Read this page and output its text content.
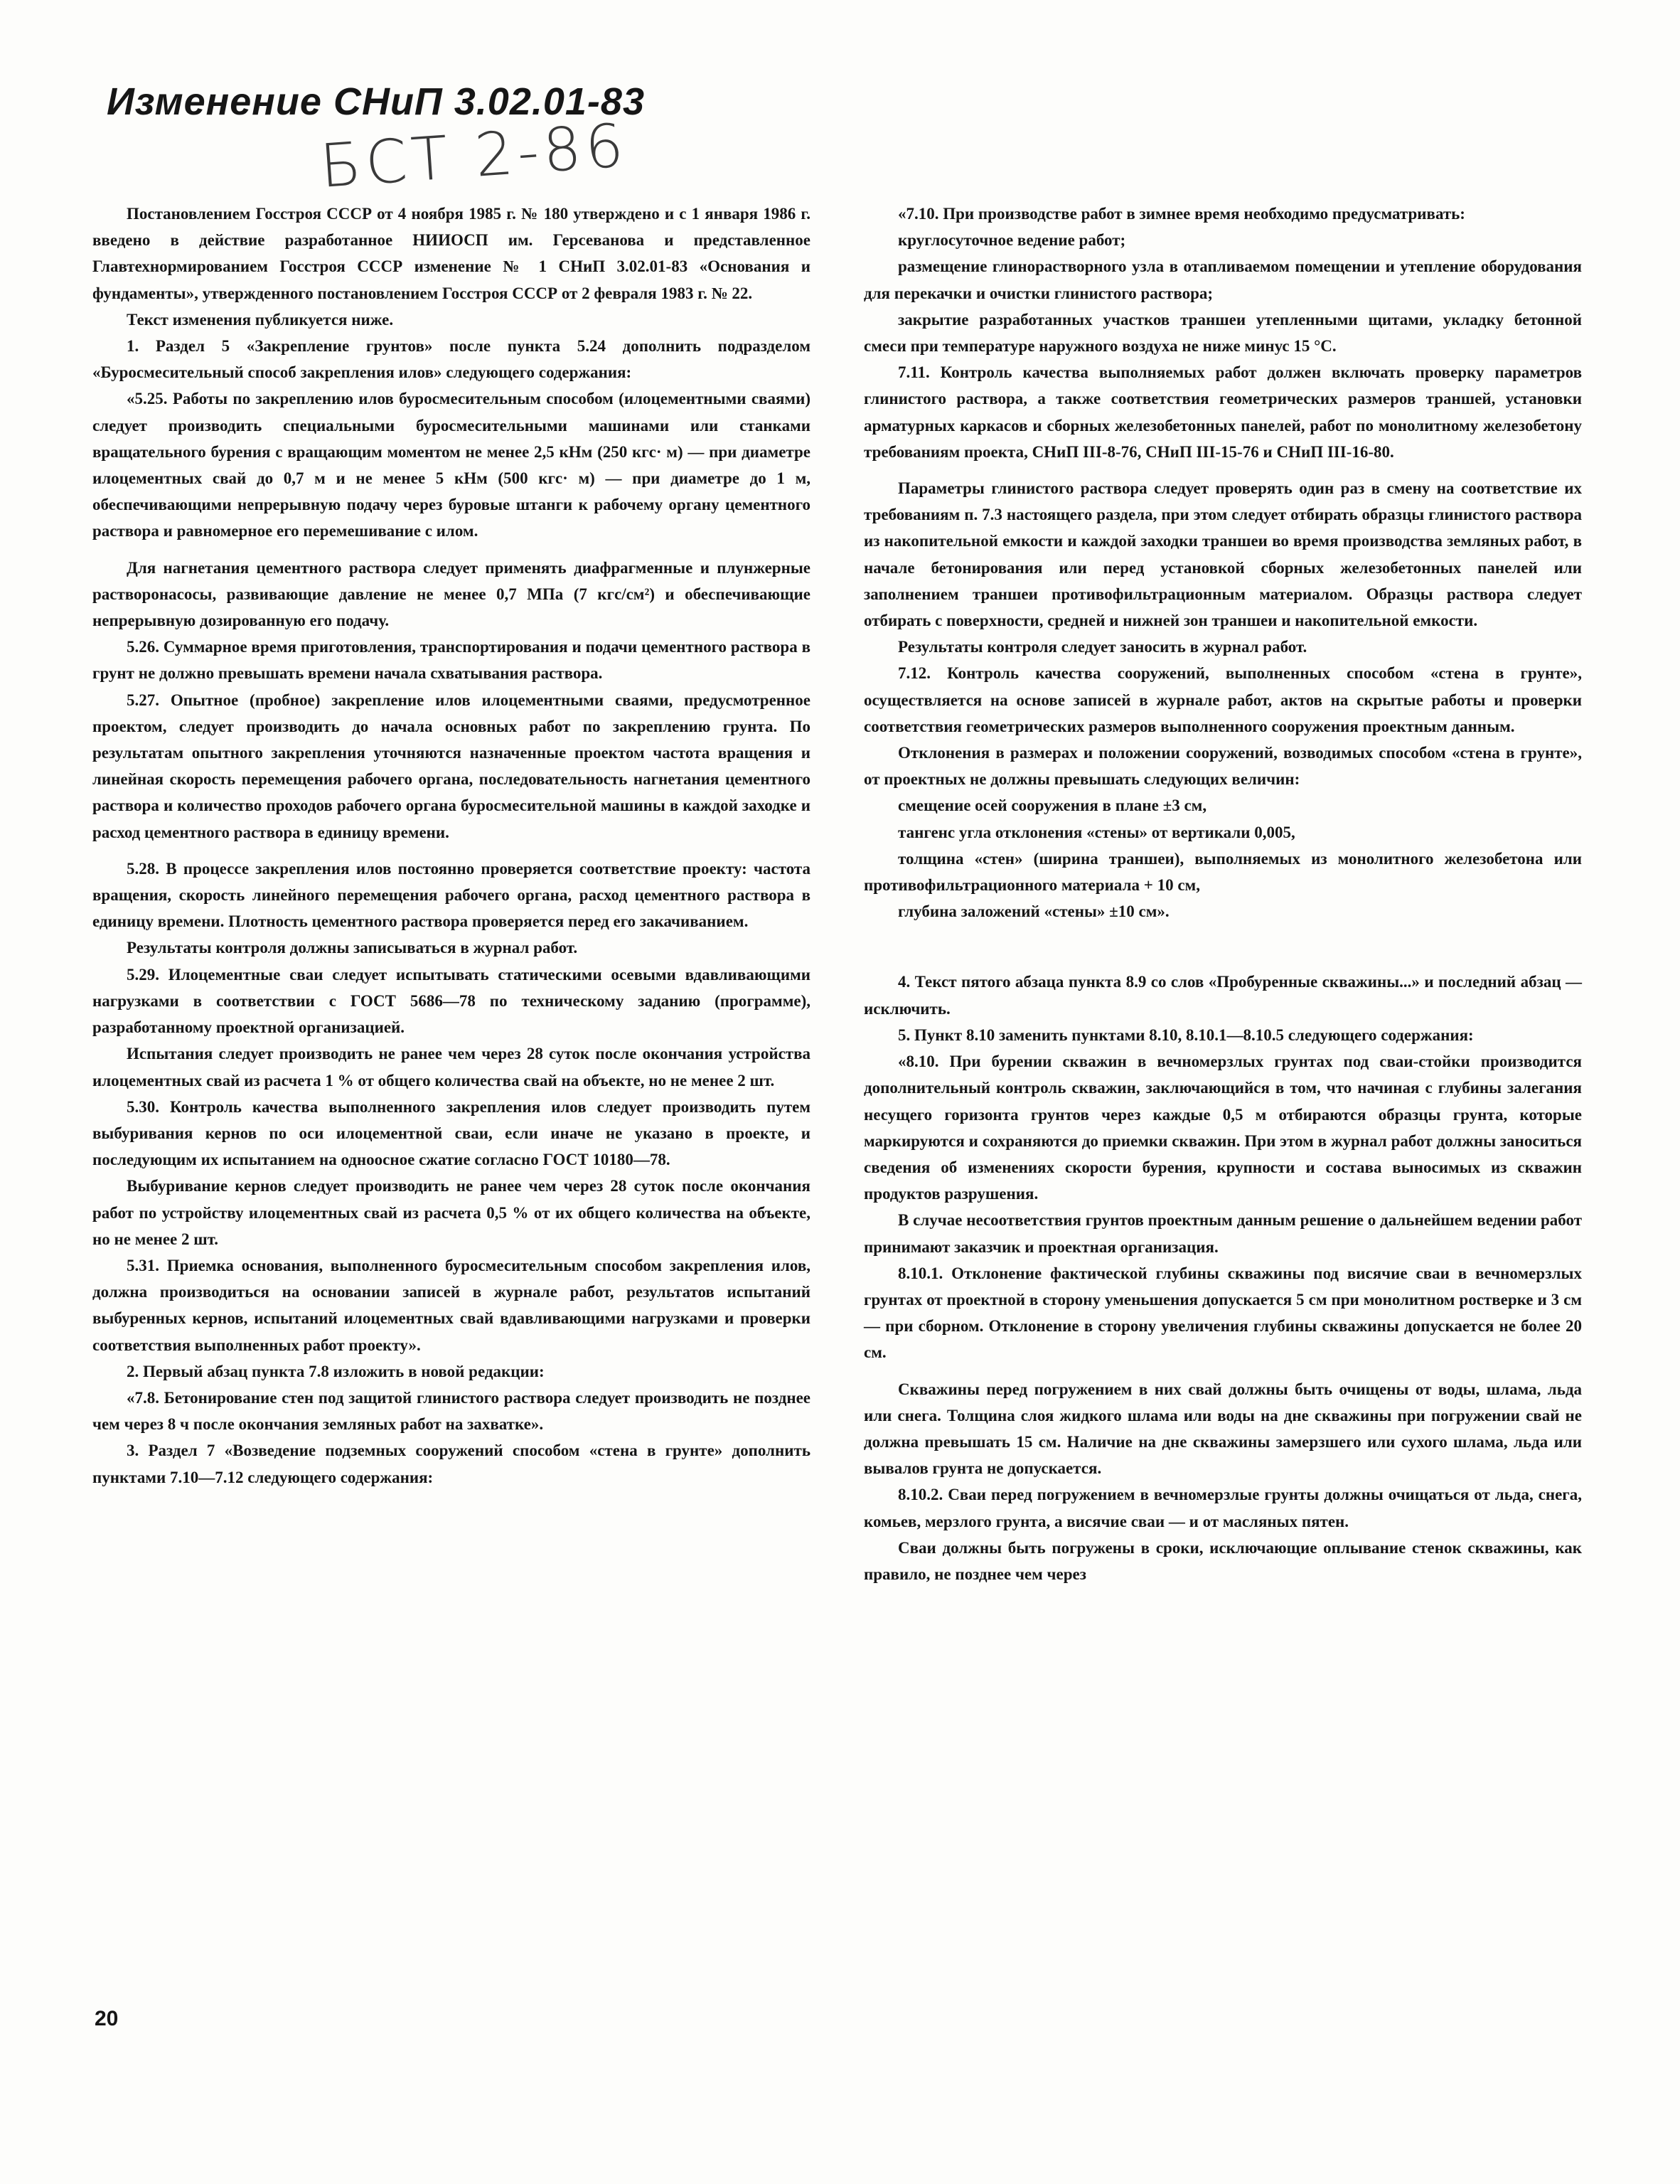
Изменение СНиП 3.02.01-83
БСТ 2-86

Постановлением Госстроя СССР от 4 ноября 1985 г. № 180 утверждено и с 1 января 1986 г. введено в действие разработанное НИИОСП им. Герсеванова и представленное Главтехнормированием Госстроя СССР изменение № 1 СНиП 3.02.01-83 «Основания и фундаменты», утвержденного постановлением Госстроя СССР от 2 февраля 1983 г. № 22.

Текст изменения публикуется ниже.

1. Раздел 5 «Закрепление грунтов» после пункта 5.24 дополнить подразделом «Буросмесительный способ закрепления илов» следующего содержания:

«5.25. Работы по закреплению илов буросмесительным способом (илоцементными сваями) следует производить специальными буросмесительными машинами или станками вращательного бурения с вращающим моментом не менее 2,5 кНм (250 кгс· м) — при диаметре илоцементных свай до 0,7 м и не менее 5 кНм (500 кгс· м) — при диаметре до 1 м, обеспечивающими непрерывную подачу через буровые штанги к рабочему органу цементного раствора и равномерное его перемешивание с илом.

Для нагнетания цементного раствора следует применять диафрагменные и плунжерные растворонасосы, развивающие давление не менее 0,7 МПа (7 кгс/см²) и обеспечивающие непрерывную дозированную его подачу.

5.26. Суммарное время приготовления, транспортирования и подачи цементного раствора в грунт не должно превышать времени начала схватывания раствора.

5.27. Опытное (пробное) закрепление илов илоцементными сваями, предусмотренное проектом, следует производить до начала основных работ по закреплению грунта. По результатам опытного закрепления уточняются назначенные проектом частота вращения и линейная скорость перемещения рабочего органа, последовательность нагнетания цементного раствора и количество проходов рабочего органа буросмесительной машины в каждой заходке и расход цементного раствора в единицу времени.

5.28. В процессе закрепления илов постоянно проверяется соответствие проекту: частота вращения, скорость линейного перемещения рабочего органа, расход цементного раствора в единицу времени. Плотность цементного раствора проверяется перед его закачиванием.

Результаты контроля должны записываться в журнал работ.

5.29. Илоцементные сваи следует испытывать статическими осевыми вдавливающими нагрузками в соответствии с ГОСТ 5686—78 по техническому заданию (программе), разработанному проектной организацией.

Испытания следует производить не ранее чем через 28 суток после окончания устройства илоцементных свай из расчета 1 % от общего количества свай на объекте, но не менее 2 шт.

5.30. Контроль качества выполненного закрепления илов следует производить путем выбуривания кернов по оси илоцементной сваи, если иначе не указано в проекте, и последующим их испытанием на одноосное сжатие согласно ГОСТ 10180—78.

Выбуривание кернов следует производить не ранее чем через 28 суток после окончания работ по устройству илоцементных свай из расчета 0,5 % от их общего количества на объекте, но не менее 2 шт.

5.31. Приемка основания, выполненного буросмесительным способом закрепления илов, должна производиться на основании записей в журнале работ, результатов испытаний выбуренных кернов, испытаний илоцементных свай вдавливающими нагрузками и проверки соответствия выполненных работ проекту».

2. Первый абзац пункта 7.8 изложить в новой редакции:

«7.8. Бетонирование стен под защитой глинистого раствора следует производить не позднее чем через 8 ч после окончания земляных работ на захватке».

3. Раздел 7 «Возведение подземных сооружений способом «стена в грунте» дополнить пунктами 7.10—7.12 следующего содержания:

«7.10. При производстве работ в зимнее время необходимо предусматривать:

круглосуточное ведение работ;

размещение глинорастворного узла в отапливаемом помещении и утепление оборудования для перекачки и очистки глинистого раствора;

закрытие разработанных участков траншеи утепленными щитами, укладку бетонной смеси при температуре наружного воздуха не ниже минус 15 °С.

7.11. Контроль качества выполняемых работ должен включать проверку параметров глинистого раствора, а также соответствия геометрических размеров траншей, установки арматурных каркасов и сборных железобетонных панелей, работ по монолитному железобетону требованиям проекта, СНиП III-8-76, СНиП III-15-76 и СНиП III-16-80.

Параметры глинистого раствора следует проверять один раз в смену на соответствие их требованиям п. 7.3 настоящего раздела, при этом следует отбирать образцы глинистого раствора из накопительной емкости и каждой заходки траншеи во время производства земляных работ, в начале бетонирования или перед установкой сборных железобетонных панелей или заполнением траншеи противофильтрационным материалом. Образцы раствора следует отбирать с поверхности, средней и нижней зон траншеи и накопительной емкости.

Результаты контроля следует заносить в журнал работ.

7.12. Контроль качества сооружений, выполненных способом «стена в грунте», осуществляется на основе записей в журнале работ, актов на скрытые работы и проверки соответствия геометрических размеров выполненного сооружения проектным данным.

Отклонения в размерах и положении сооружений, возводимых способом «стена в грунте», от проектных не должны превышать следующих величин:

смещение осей сооружения в плане ±3 см,

тангенс угла отклонения «стены» от вертикали 0,005,

толщина «стен» (ширина траншеи), выполняемых из монолитного железобетона или противофильтрационного материала + 10 см,

глубина заложений «стены» ±10 см».

4. Текст пятого абзаца пункта 8.9 со слов «Пробуренные скважины...» и последний абзац — исключить.

5. Пункт 8.10 заменить пунктами 8.10, 8.10.1—8.10.5 следующего содержания:

«8.10. При бурении скважин в вечномерзлых грунтах под сваи-стойки производится дополнительный контроль скважин, заключающийся в том, что начиная с глубины залегания несущего горизонта грунтов через каждые 0,5 м отбираются образцы грунта, которые маркируются и сохраняются до приемки скважин. При этом в журнал работ должны заноситься сведения об изменениях скорости бурения, крупности и состава выносимых из скважин продуктов разрушения.

В случае несоответствия грунтов проектным данным решение о дальнейшем ведении работ принимают заказчик и проектная организация.

8.10.1. Отклонение фактической глубины скважины под висячие сваи в вечномерзлых грунтах от проектной в сторону уменьшения допускается 5 см при монолитном ростверке и 3 см — при сборном. Отклонение в сторону увеличения глубины скважины допускается не более 20 см.

Скважины перед погружением в них свай должны быть очищены от воды, шлама, льда или снега. Толщина слоя жидкого шлама или воды на дне скважины при погружении свай не должна превышать 15 см. Наличие на дне скважины замерзшего или сухого шлама, льда или вывалов грунта не допускается.

8.10.2. Сваи перед погружением в вечномерзлые грунты должны очищаться от льда, снега, комьев, мерзлого грунта, а висячие сваи — и от масляных пятен.

Сваи должны быть погружены в сроки, исключающие оплывание стенок скважины, как правило, не позднее чем через

20
